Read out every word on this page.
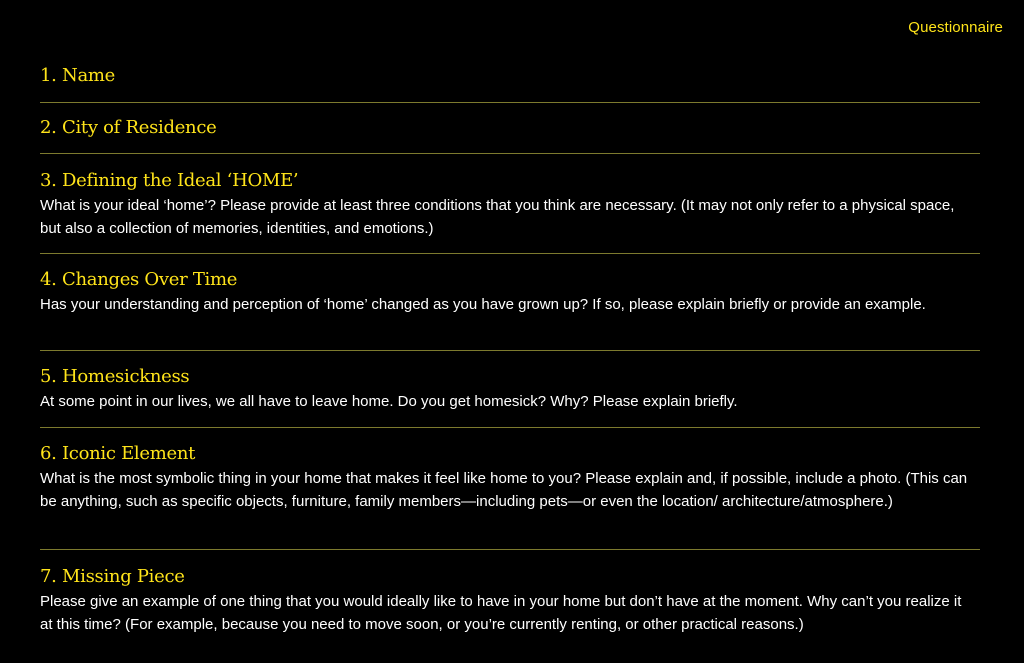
Questionnaire
1. Name
2. City of Residence
3. Defining the Ideal ‘HOME’
What is your ideal ‘home’? Please provide at least three conditions that you think are necessary. (It may not only refer to a physical space, but also a collection of memories, identities, and emotions.)
4. Changes Over Time
Has your understanding and perception of ‘home’ changed as you have grown up? If so, please explain briefly or provide an example.
5. Homesickness
At some point in our lives, we all have to leave home. Do you get homesick? Why? Please explain briefly.
6. Iconic Element
What is the most symbolic thing in your home that makes it feel like home to you? Please explain and, if possible, include a photo. (This can be anything, such as specific objects, furniture, family members—including pets—or even the location/ architecture/atmosphere.)
7. Missing Piece
Please give an example of one thing that you would ideally like to have in your home but don’t have at the moment. Why can’t you realize it at this time? (For example, because you need to move soon, or you’re currently renting, or other practical reasons.)
